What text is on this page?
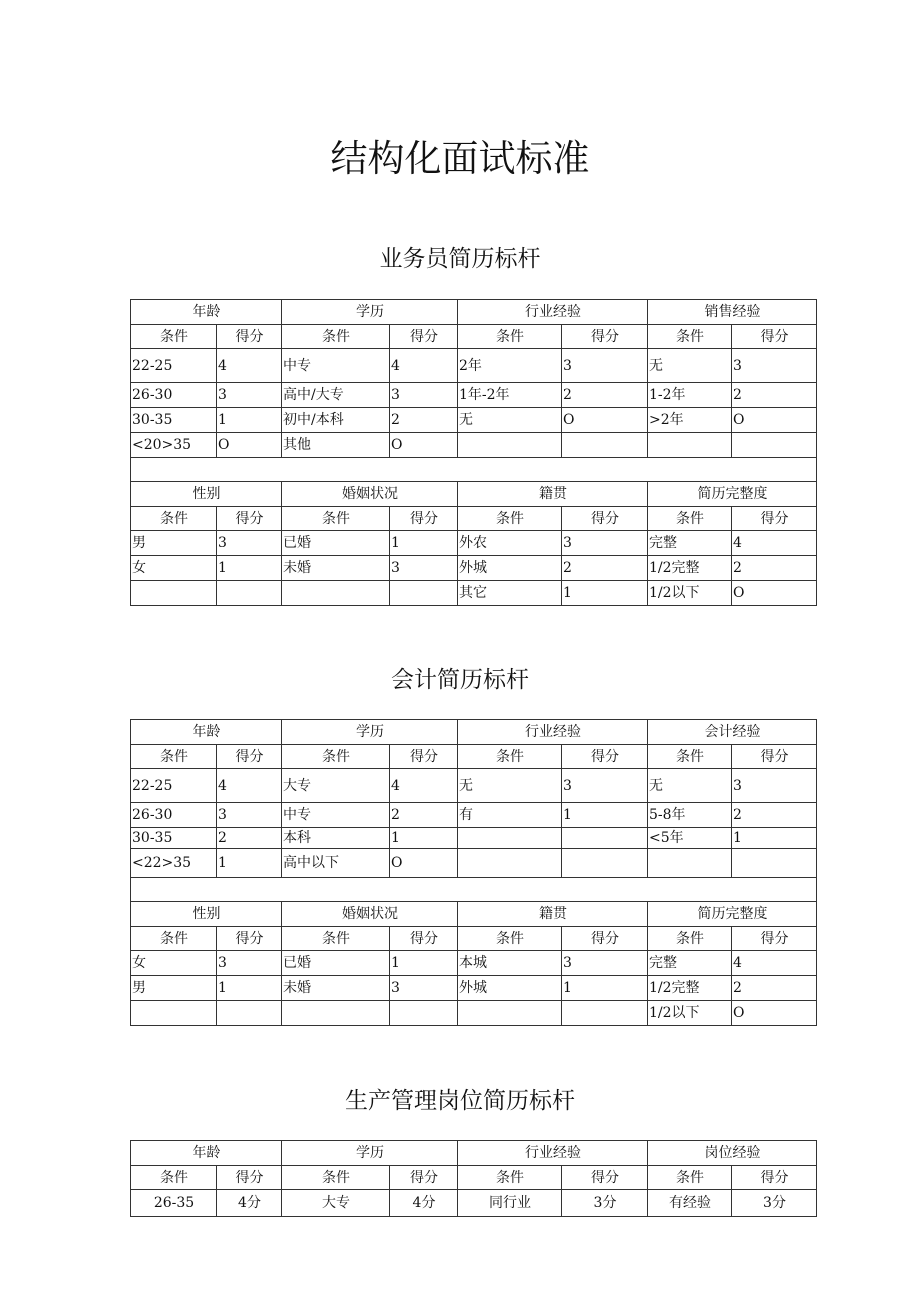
结构化面试标准
业务员简历标杆
年龄		学历		行业经验		销售经验	
条件	得分	条件	得分	条件	得分	条件	得分
22-25	4	中专	4	2年	3	无	3
26-30	3	高中/大专	3	1年-2年	2	1-2年	2
30-35	1	初中/本科	2	无	O	>2年	O
<20>35	O	其他	O				

性别		婚姻状况		籍贯		简历完整度	
条件	得分	条件	得分	条件	得分	条件	得分
男	3	已婚	1	外农	3	完整	4
女	1	未婚	3	外城	2	1/2完整	2
				其它	1	1/2以下	O
会计简历标杆
年龄		学历		行业经验		会计经验	
条件	得分	条件	得分	条件	得分	条件	得分
22-25	4	大专	4	无	3	无	3
26-30	3	中专	2	有	1	5-8年	2
30-35	2	本科	1			<5年	1
<22>35	1	高中以下	O				

性别		婚姻状况		籍贯		简历完整度	
条件	得分	条件	得分	条件	得分	条件	得分
女	3	已婚	1	本城	3	完整	4
男	1	未婚	3	外城	1	1/2完整	2
						1/2以下	O
生产管理岗位简历标杆
年龄		学历		行业经验		岗位经验	
条件	得分	条件	得分	条件	得分	条件	得分
26-35	4分	大专	4分	同行业	3分	有经验	3分
